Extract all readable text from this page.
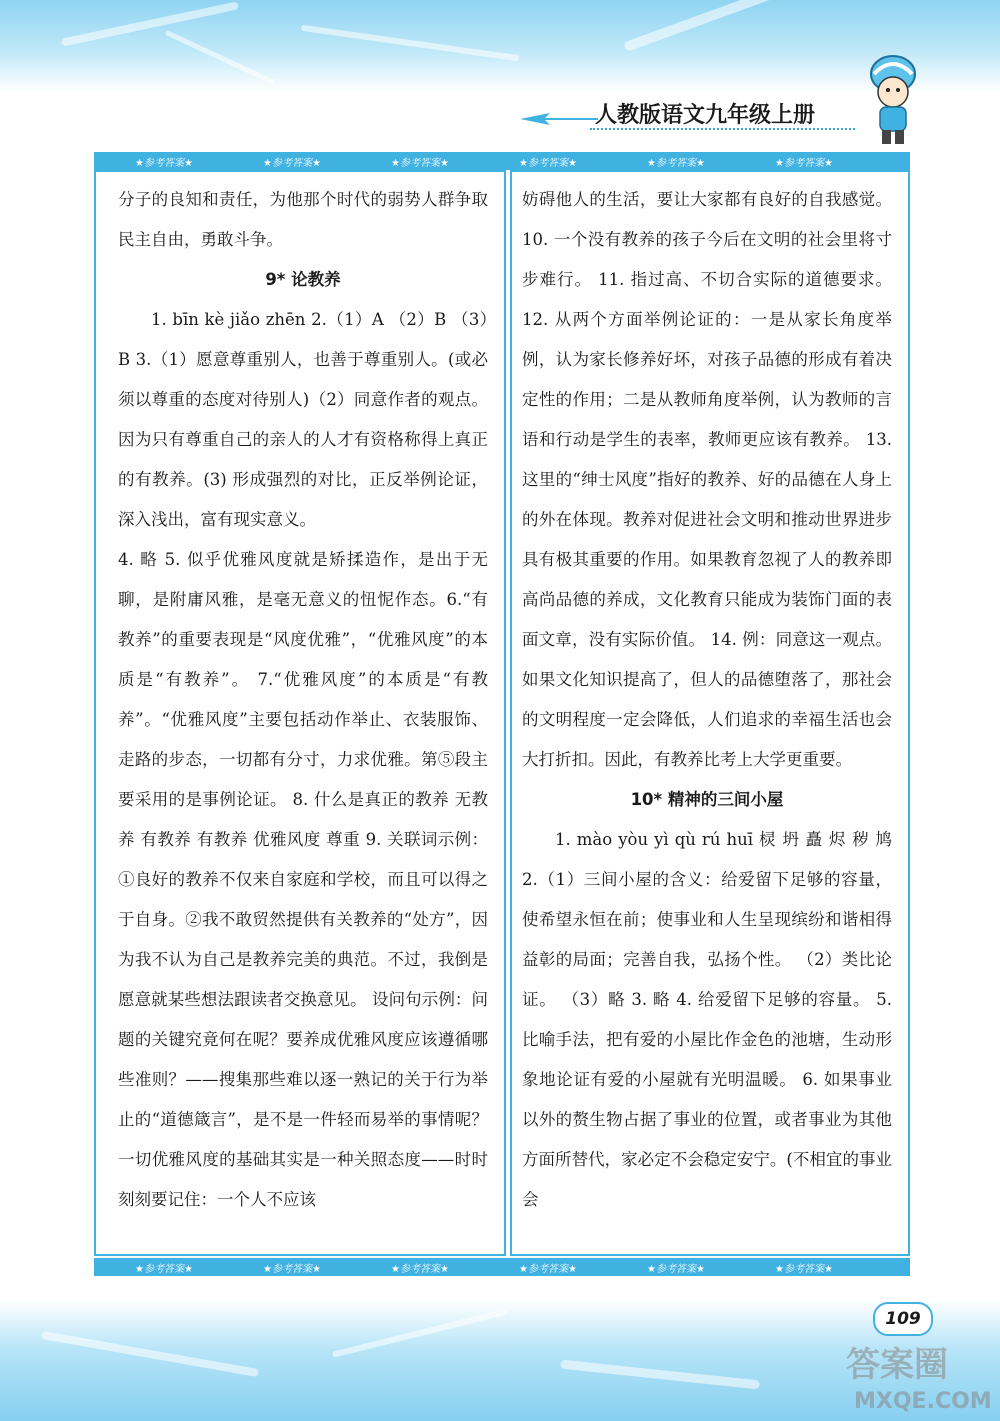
人教版语文九年级上册
★参考答案★	★参考答案★	★参考答案★	★参考答案★	★参考答案★	★参考答案★

分子的良知和责任，为他那个时代的弱势人群争取民主自由，勇敢斗争。

9* 论教养

1. bīn kè jiǎo zhēn 2.（1）A （2）B （3）B 3.（1）愿意尊重别人，也善于尊重别人。(或必须以尊重的态度对待别人)（2）同意作者的观点。因为只有尊重自己的亲人的人才有资格称得上真正的有教养。(3) 形成强烈的对比，正反举例论证，深入浅出，富有现实意义。

4. 略 5. 似乎优雅风度就是矫揉造作，是出于无聊，是附庸风雅，是毫无意义的忸怩作态。6.“有教养”的重要表现是“风度优雅”，“优雅风度”的本质是“有教养”。 7.“优雅风度”的本质是“有教养”。“优雅风度”主要包括动作举止、衣装服饰、走路的步态，一切都有分寸，力求优雅。第⑤段主要采用的是事例论证。 8. 什么是真正的教养 无教养 有教养 有教养 优雅风度 尊重 9. 关联词示例：①良好的教养不仅来自家庭和学校，而且可以得之于自身。②我不敢贸然提供有关教养的“处方”，因为我不认为自己是教养完美的典范。不过，我倒是愿意就某些想法跟读者交换意见。 设问句示例：问题的关键究竟何在呢？要养成优雅风度应该遵循哪些准则？——搜集那些难以逐一熟记的关于行为举止的“道德箴言”，是不是一件轻而易举的事情呢？一切优雅风度的基础其实是一种关照态度——时时刻刻要记住：一个人不应该

妨碍他人的生活，要让大家都有良好的自我感觉。 10. 一个没有教养的孩子今后在文明的社会里将寸步难行。 11. 指过高、不切合实际的道德要求。 12. 从两个方面举例论证的：一是从家长角度举例，认为家长修养好坏，对孩子品德的形成有着决定性的作用；二是从教师角度举例，认为教师的言语和行动是学生的表率，教师更应该有教养。 13. 这里的“绅士风度”指好的教养、好的品德在人身上的外在体现。教养对促进社会文明和推动世界进步具有极其重要的作用。如果教育忽视了人的教养即高尚品德的养成，文化教育只能成为装饰门面的表面文章，没有实际价值。 14. 例：同意这一观点。如果文化知识提高了，但人的品德堕落了，那社会的文明程度一定会降低，人们追求的幸福生活也会大打折扣。因此，有教养比考上大学更重要。

10* 精神的三间小屋

1. mào yòu yì qù rú huī 棂 坍 矗 烬 秽 鸠 2.（1）三间小屋的含义：给爱留下足够的容量，使希望永恒在前；使事业和人生呈现缤纷和谐相得益彰的局面；完善自我，弘扬个性。 （2）类比论证。 （3）略 3. 略 4. 给爱留下足够的容量。 5. 比喻手法，把有爱的小屋比作金色的池塘，生动形象地论证有爱的小屋就有光明温暖。 6. 如果事业以外的赘生物占据了事业的位置，或者事业为其他方面所替代，家必定不会稳定安宁。(不相宜的事业会

★参考答案★	★参考答案★	★参考答案★	★参考答案★	★参考答案★	★参考答案★
109
答案圈
MXQE.COM
